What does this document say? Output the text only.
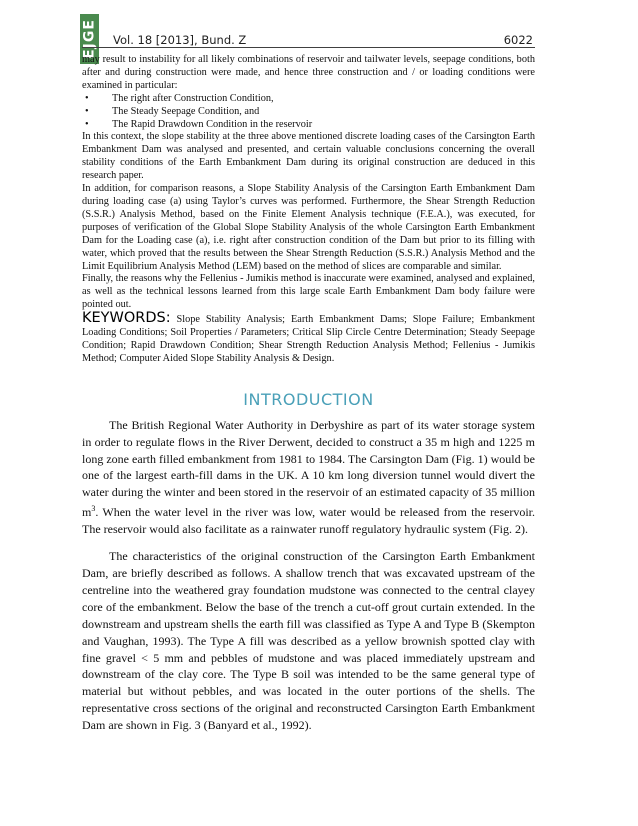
EJGE Vol. 18 [2013], Bund. Z	6022

may result to instability for all likely combinations of reservoir and tailwater levels, seepage conditions, both after and during construction were made, and hence three construction and / or loading conditions were examined in particular:

• The right after Construction Condition,
• The Steady Seepage Condition, and
• The Rapid Drawdown Condition in the reservoir

In this context, the slope stability at the three above mentioned discrete loading cases of the Carsington Earth Embankment Dam was analysed and presented, and certain valuable conclusions concerning the overall stability conditions of the Earth Embankment Dam during its original construction are deduced in this research paper.

In addition, for comparison reasons, a Slope Stability Analysis of the Carsington Earth Embankment Dam during loading case (a) using Taylor’s curves was performed. Furthermore, the Shear Strength Reduction (S.S.R.) Analysis Method, based on the Finite Element Analysis technique (F.E.A.), was executed, for purposes of verification of the Global Slope Stability Analysis of the whole Carsington Earth Embankment Dam for the Loading case (a), i.e. right after construction condition of the Dam but prior to its filling with water, which proved that the results between the Shear Strength Reduction (S.S.R.) Analysis Method and the Limit Equilibrium Analysis Method (LEM) based on the method of slices are comparable and similar.

Finally, the reasons why the Fellenius - Jumikis method is inaccurate were examined, analysed and explained, as well as the technical lessons learned from this large scale Earth Embankment Dam body failure were pointed out.

KEYWORDS: Slope Stability Analysis; Earth Embankment Dams; Slope Failure; Embankment Loading Conditions; Soil Properties / Parameters; Critical Slip Circle Centre Determination; Steady Seepage Condition; Rapid Drawdown Condition; Shear Strength Reduction Analysis Method; Fellenius - Jumikis Method; Computer Aided Slope Stability Analysis & Design.

INTRODUCTION

The British Regional Water Authority in Derbyshire as part of its water storage system in order to regulate flows in the River Derwent, decided to construct a 35 m high and 1225 m long zone earth filled embankment from 1981 to 1984. The Carsington Dam (Fig. 1) would be one of the largest earth-fill dams in the UK. A 10 km long diversion tunnel would divert the water during the winter and been stored in the reservoir of an estimated capacity of 35 million $m^3$. When the water level in the river was low, water would be released from the reservoir. The reservoir would also facilitate as a rainwater runoff regulatory hydraulic system (Fig. 2).

The characteristics of the original construction of the Carsington Earth Embankment Dam, are briefly described as follows. A shallow trench that was excavated upstream of the centreline into the weathered gray foundation mudstone was connected to the central clayey core of the embankment. Below the base of the trench a cut-off grout curtain extended. In the downstream and upstream shells the earth fill was classified as Type A and Type B (Skempton and Vaughan, 1993). The Type A fill was described as a yellow brownish spotted clay with fine gravel < 5 mm and pebbles of mudstone and was placed immediately upstream and downstream of the clay core. The Type B soil was intended to be the same general type of material but without pebbles, and was located in the outer portions of the shells. The representative cross sections of the original and reconstructed Carsington Earth Embankment Dam are shown in Fig. 3 (Banyard et al., 1992).
